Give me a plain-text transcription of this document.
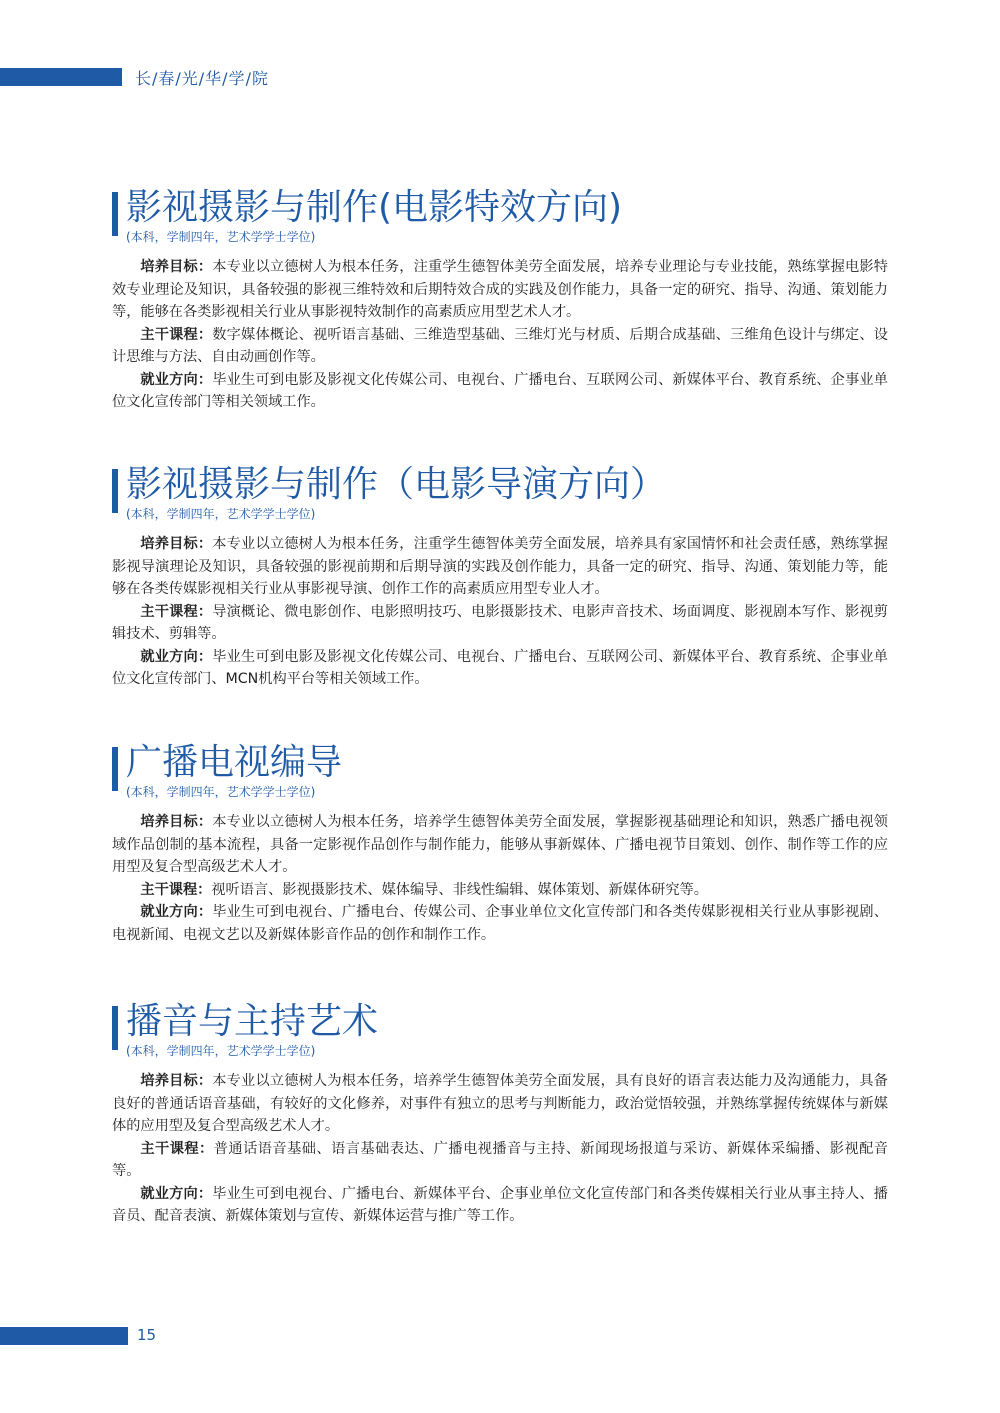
长/春/光/华/学/院
影视摄影与制作(电影特效方向)
(本科，学制四年，艺术学学士学位)

培养目标：本专业以立德树人为根本任务，注重学生德智体美劳全面发展，培养专业理论与专业技能，熟练掌握电影特效专业理论及知识，具备较强的影视三维特效和后期特效合成的实践及创作能力，具备一定的研究、指导、沟通、策划能力等，能够在各类影视相关行业从事影视特效制作的高素质应用型艺术人才。

主干课程：数字媒体概论、视听语言基础、三维造型基础、三维灯光与材质、后期合成基础、三维角色设计与绑定、设计思维与方法、自由动画创作等。

就业方向：毕业生可到电影及影视文化传媒公司、电视台、广播电台、互联网公司、新媒体平台、教育系统、企事业单位文化宣传部门等相关领域工作。

影视摄影与制作（电影导演方向）
(本科，学制四年，艺术学学士学位)

培养目标：本专业以立德树人为根本任务，注重学生德智体美劳全面发展，培养具有家国情怀和社会责任感，熟练掌握影视导演理论及知识，具备较强的影视前期和后期导演的实践及创作能力，具备一定的研究、指导、沟通、策划能力等，能够在各类传媒影视相关行业从事影视导演、创作工作的高素质应用型专业人才。

主干课程：导演概论、微电影创作、电影照明技巧、电影摄影技术、电影声音技术、场面调度、影视剧本写作、影视剪辑技术、剪辑等。

就业方向：毕业生可到电影及影视文化传媒公司、电视台、广播电台、互联网公司、新媒体平台、教育系统、企事业单位文化宣传部门、MCN机构平台等相关领域工作。

广播电视编导
(本科，学制四年，艺术学学士学位)

培养目标：本专业以立德树人为根本任务，培养学生德智体美劳全面发展，掌握影视基础理论和知识，熟悉广播电视领域作品创制的基本流程，具备一定影视作品创作与制作能力，能够从事新媒体、广播电视节目策划、创作、制作等工作的应用型及复合型高级艺术人才。

主干课程：视听语言、影视摄影技术、媒体编导、非线性编辑、媒体策划、新媒体研究等。

就业方向：毕业生可到电视台、广播电台、传媒公司、企事业单位文化宣传部门和各类传媒影视相关行业从事影视剧、电视新闻、电视文艺以及新媒体影音作品的创作和制作工作。

播音与主持艺术
(本科，学制四年，艺术学学士学位)

培养目标：本专业以立德树人为根本任务，培养学生德智体美劳全面发展，具有良好的语言表达能力及沟通能力，具备良好的普通话语音基础，有较好的文化修养，对事件有独立的思考与判断能力，政治觉悟较强，并熟练掌握传统媒体与新媒体的应用型及复合型高级艺术人才。

主干课程：普通话语音基础、语言基础表达、广播电视播音与主持、新闻现场报道与采访、新媒体采编播、影视配音等。

就业方向：毕业生可到电视台、广播电台、新媒体平台、企事业单位文化宣传部门和各类传媒相关行业从事主持人、播音员、配音表演、新媒体策划与宣传、新媒体运营与推广等工作。

15
